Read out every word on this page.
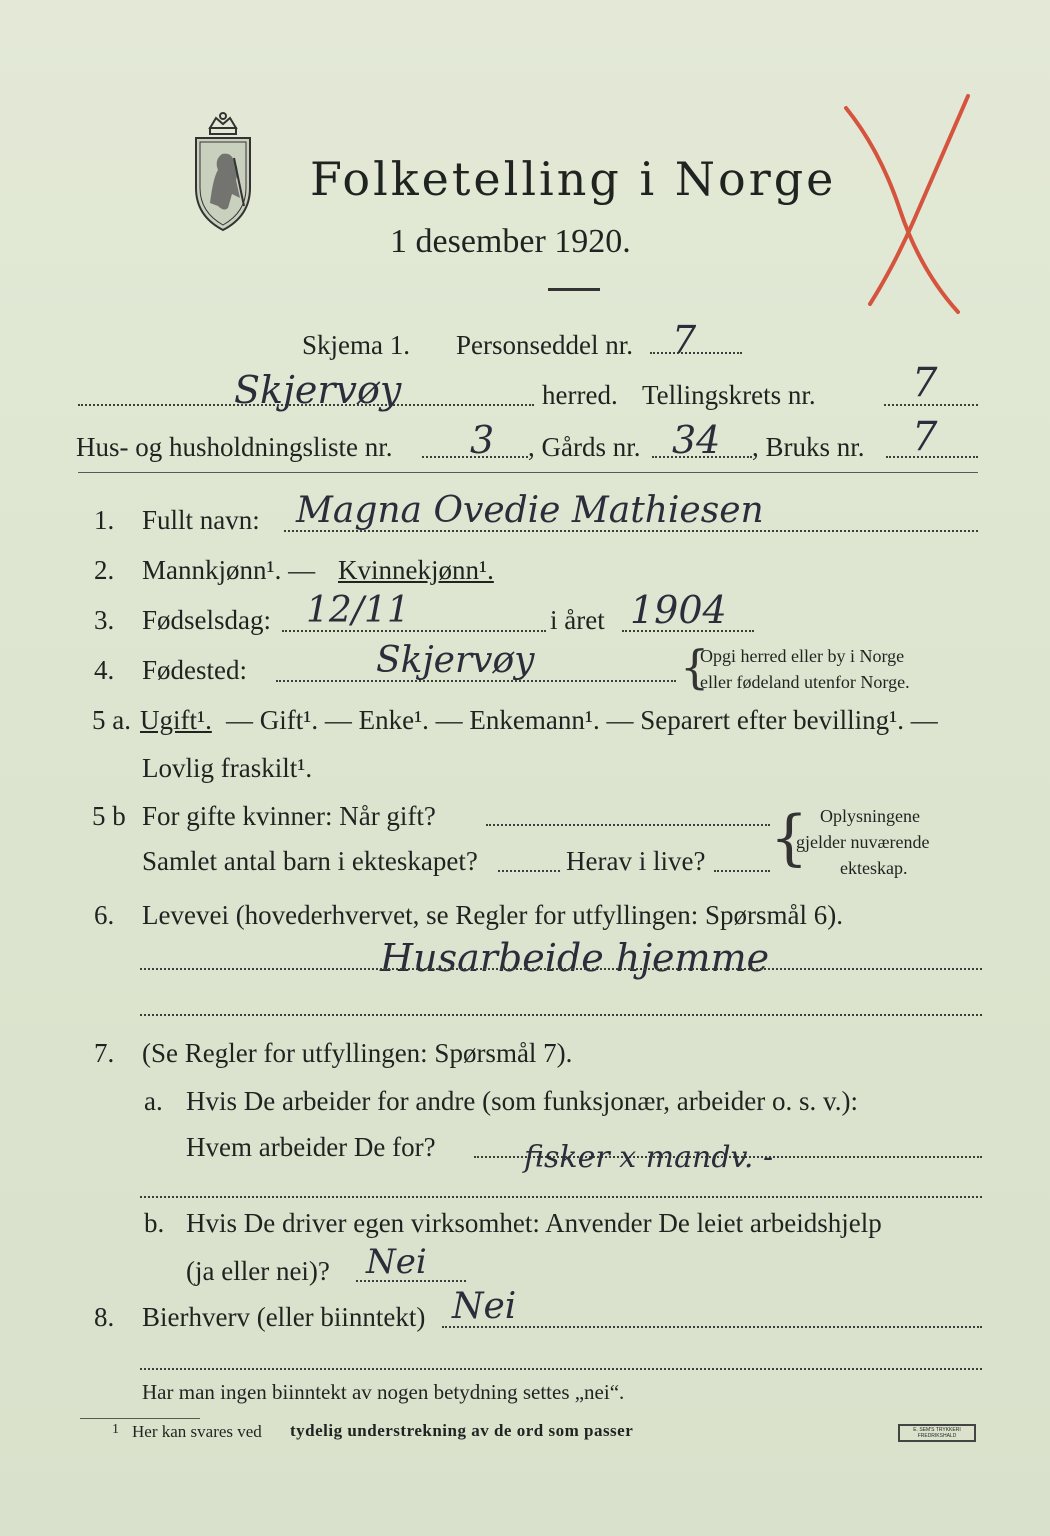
Folketelling i Norge
1 desember 1920.
Skjema 1. Personseddel nr. 7
Skjervøy	herred. Tellingskrets nr. 7
Hus- og husholdningsliste nr. 3 , Gårds nr. 34 , Bruks nr. 7
1. Fullt navn: Magna Ovedie Mathiesen
2. Mannkjønn¹. — Kvinnekjønn¹.
3. Fødselsdag: 12/11	i året 1904
4. Fødested:	Skjervøy	{
Opgi herred eller by i Norge
eller fødeland utenfor Norge.
5 a. Ugift¹. — Gift¹. — Enke¹. — Enkemann¹. — Separert efter bevilling¹. —
Lovlig fraskilt¹.
5 b For gifte kvinner: Når gift?
Samlet antal barn i ekteskapet?	Herav i live? { Oplysningene
gjelder nuværende
ekteskap.
6. Levevei (hovederhvervet, se Regler for utfyllingen: Spørsmål 6).
Husarbeide hjemme
7. (Se Regler for utfyllingen: Spørsmål 7).
a. Hvis De arbeider for andre (som funksjonær, arbeider o. s. v.):
Hvem arbeider De for?	fisker x mandv. -
b. Hvis De driver egen virksomhet: Anvender De leiet arbeidshjelp
(ja eller nei)? Nei
8. Bierhverv (eller biinntekt) Nei
Har man ingen biinntekt av nogen betydning settes „nei“.
1 Her kan svares ved tydelig understrekning av de ord som passer	E. SEM'S TRYKKERI FREDRIKSHALD
